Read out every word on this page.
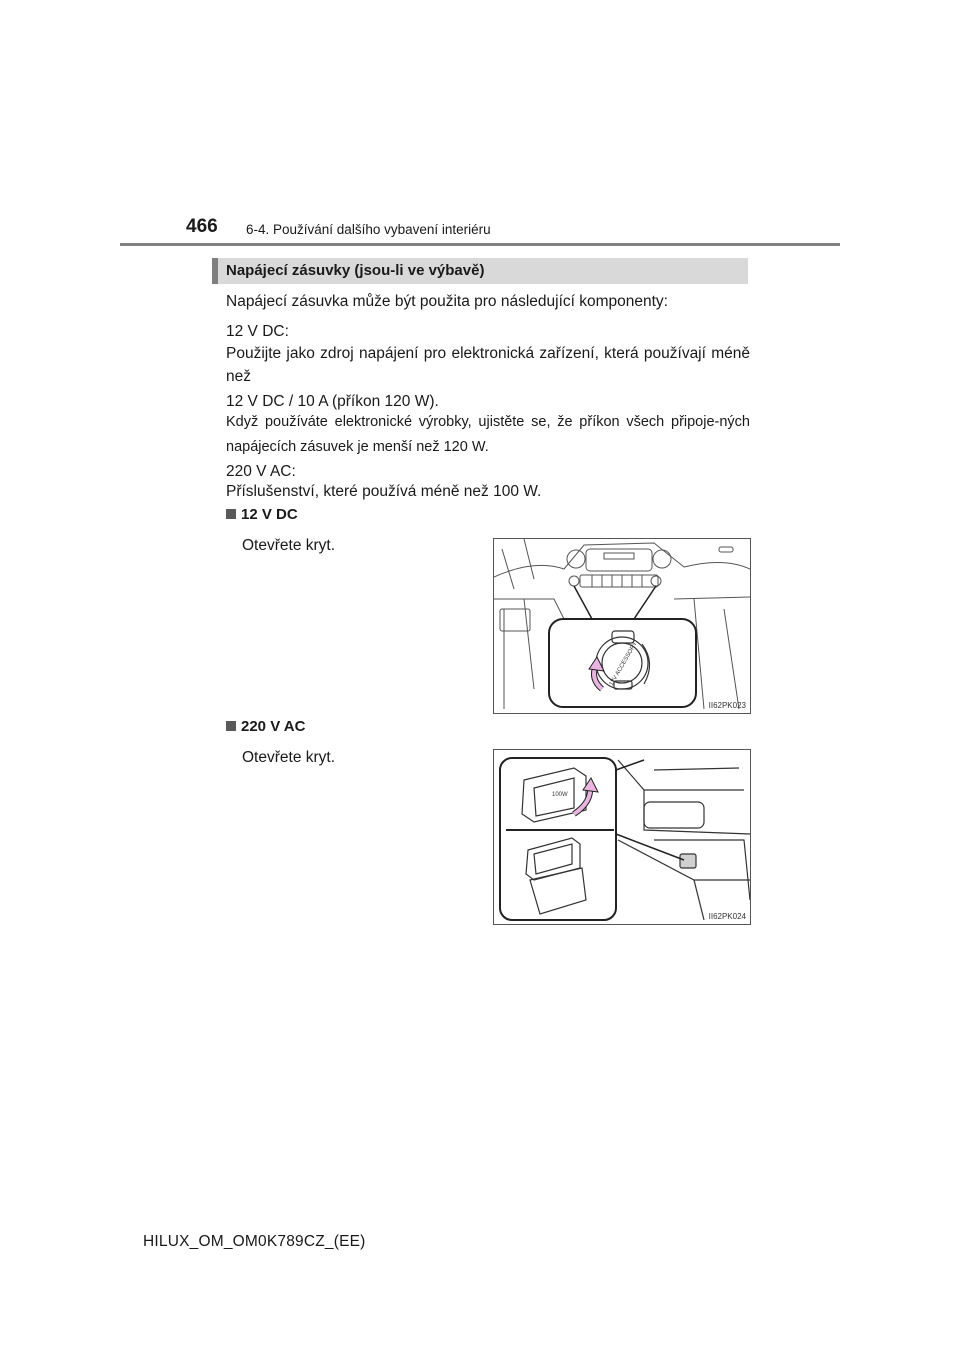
466 6-4. Používání dalšího vybavení interiéru
Napájecí zásuvky (jsou-li ve výbavě)
Napájecí zásuvka může být použita pro následující komponenty:
12 V DC:
Použijte jako zdroj napájení pro elektronická zařízení, která používají méně než
12 V DC / 10 A (příkon 120 W).
Když používáte elektronické výrobky, ujistěte se, že příkon všech připoje-ných napájecích zásuvek je menší než 120 W.
220 V AC:
Příslušenství, které používá méně než 100 W.
12 V DC
Otevřete kryt.
12V ACCESSORY
II62PK023
220 V AC
Otevřete kryt.
100W
II62PK024
HILUX_OM_OM0K789CZ_(EE)
